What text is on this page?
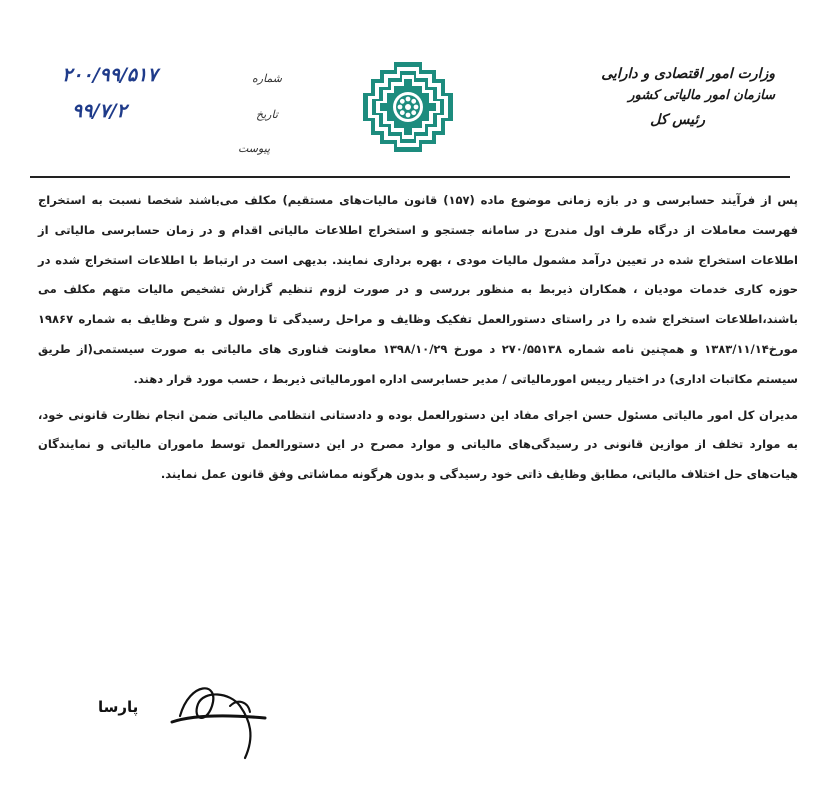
وزارت امور اقتصادی و دارایی
سازمان امور مالیاتی کشور
رئیس کل
شماره
۲۰۰/۹۹/۵۱۷
تاریخ
۹۹/۷/۲
پیوست

پس از فرآیند حسابرسی و در بازه زمانی موضوع ماده (۱۵۷) قانون مالیات‌های مستقیم) مکلف می‌باشند شخصا نسبت به استخراج فهرست معاملات از درگاه طرف اول مندرج در سامانه جستجو و استخراج اطلاعات مالیاتی اقدام و در زمان حسابرسی مالیاتی از اطلاعات استخراج شده در تعیین درآمد مشمول مالیات مودی ، بهره برداری نمایند. بدیهی است در ارتباط با اطلاعات استخراج شده در حوزه کاری خدمات مودیان ، همکاران ذیربط به منظور بررسی و در صورت لزوم تنظیم گزارش تشخیص مالیات متهم مکلف می باشند،اطلاعات استخراج شده را در راستای دستورالعمل تفکیک وظایف و مراحل رسیدگی تا وصول و شرح وظایف به شماره ۱۹۸۶۷ مورخ۱۳۸۳/۱۱/۱۴ و همچنین نامه شماره ۲۷۰/۵۵۱۳۸ د مورخ ۱۳۹۸/۱۰/۲۹ معاونت فناوری های مالیاتی به صورت سیستمی(از طریق سیستم مکاتبات اداری) در اختیار رییس امورمالیاتی / مدیر حسابرسی اداره امورمالیاتی ذیربط ، حسب مورد قرار دهند.

مدیران کل امور مالیاتی مسئول حسن اجرای مفاد این دستورالعمل بوده و دادستانی انتظامی مالیاتی ضمن انجام نظارت قانونی خود، به موارد تخلف از موازین قانونی در رسیدگی‌های مالیاتی و موارد مصرح در این دستورالعمل توسط ماموران مالیاتی و نمایندگان هیات‌های حل اختلاف مالیاتی، مطابق وظایف ذاتی خود رسیدگی و بدون هرگونه مماشاتی وفق قانون عمل نمایند.

پارسا
